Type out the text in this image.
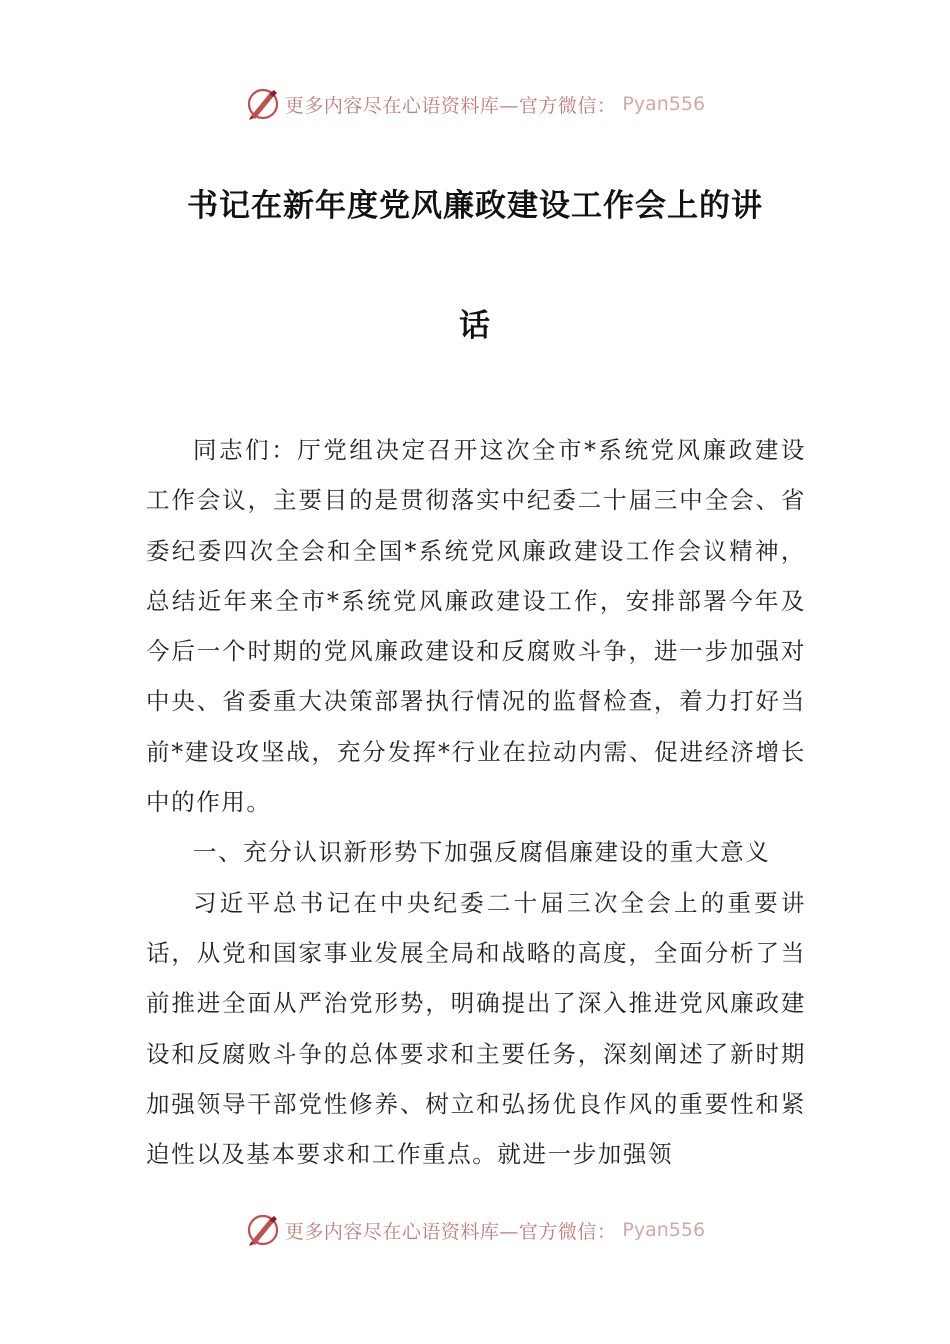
更多内容尽在心语资料库—官方微信： Pyan556
书记在新年度党风廉政建设工作会上的讲
话

同志们：厅党组决定召开这次全市*系统党风廉政建设工作会议，主要目的是贯彻落实中纪委二十届三中全会、省委纪委四次全会和全国*系统党风廉政建设工作会议精神，总结近年来全市*系统党风廉政建设工作，安排部署今年及今后一个时期的党风廉政建设和反腐败斗争，进一步加强对中央、省委重大决策部署执行情况的监督检查，着力打好当前*建设攻坚战，充分发挥*行业在拉动内需、促进经济增长中的作用。

一、充分认识新形势下加强反腐倡廉建设的重大意义

习近平总书记在中央纪委二十届三次全会上的重要讲话，从党和国家事业发展全局和战略的高度，全面分析了当前推进全面从严治党形势，明确提出了深入推进党风廉政建设和反腐败斗争的总体要求和主要任务，深刻阐述了新时期加强领导干部党性修养、树立和弘扬优良作风的重要性和紧迫性以及基本要求和工作重点。就进一步加强领

更多内容尽在心语资料库—官方微信： Pyan556
